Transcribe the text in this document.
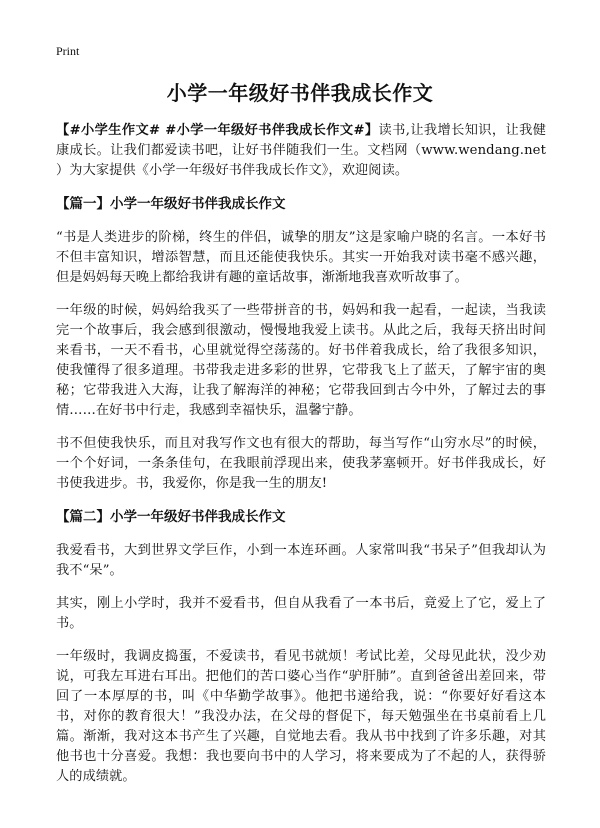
Print
小学一年级好书伴我成长作文

【#小学生作文# #小学一年级好书伴我成长作文#】读书,让我增长知识，让我健康成长。让我们都爱读书吧，让好书伴随我们一生。文档网（www.wendang.net ）为大家提供《小学一年级好书伴我成长作文》，欢迎阅读。

【篇一】小学一年级好书伴我成长作文

“书是人类进步的阶梯，终生的伴侣，诚挚的朋友”这是家喻户晓的名言。一本好书不但丰富知识，增添智慧，而且还能使我快乐。其实一开始我对读书毫不感兴趣，但是妈妈每天晚上都给我讲有趣的童话故事，渐渐地我喜欢听故事了。

一年级的时候，妈妈给我买了一些带拼音的书，妈妈和我一起看，一起读，当我读完一个故事后，我会感到很激动，慢慢地我爱上读书。从此之后，我每天挤出时间来看书，一天不看书，心里就觉得空荡荡的。好书伴着我成长，给了我很多知识，使我懂得了很多道理。书带我走进多彩的世界，它带我飞上了蓝天，了解宇宙的奥秘；它带我进入大海，让我了解海洋的神秘；它带我回到古今中外，了解过去的事情……在好书中行走，我感到幸福快乐，温馨宁静。

书不但使我快乐，而且对我写作文也有很大的帮助，每当写作“山穷水尽”的时候，一个个好词，一条条佳句，在我眼前浮现出来，使我茅塞顿开。好书伴我成长，好书使我进步。书，我爱你，你是我一生的朋友!

【篇二】小学一年级好书伴我成长作文

我爱看书，大到世界文学巨作，小到一本连环画。人家常叫我“书呆子”但我却认为我不“呆”。

其实，刚上小学时，我并不爱看书，但自从我看了一本书后，竟爱上了它，爱上了书。

一年级时，我调皮捣蛋，不爱读书，看见书就烦！考试比差，父母见此状，没少劝说，可我左耳进右耳出。把他们的苦口婆心当作“驴肝肺”。直到爸爸出差回来，带回了一本厚厚的书，叫《中华勤学故事》。他把书递给我，说：“你要好好看这本书，对你的教育很大！”我没办法，在父母的督促下，每天勉强坐在书桌前看上几篇。渐渐，我对这本书产生了兴趣，自觉地去看。我从书中找到了许多乐趣，对其他书也十分喜爱。我想：我也要向书中的人学习，将来要成为了不起的人，获得骄人的成绩就。
